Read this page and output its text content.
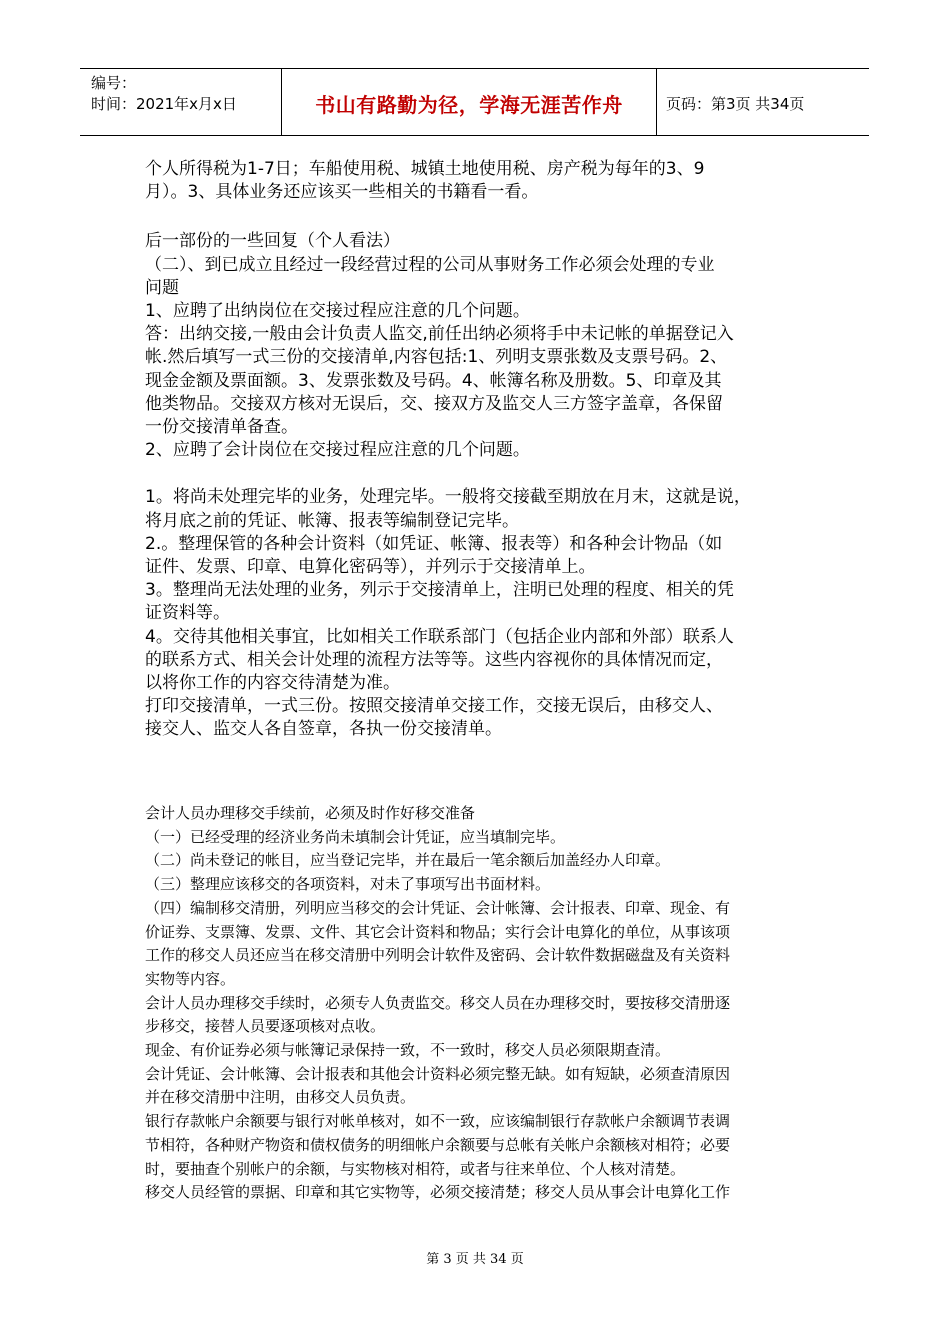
编号：
时间：2021年x月x日	书山有路勤为径，学海无涯苦作舟	页码：第3页 共34页

个人所得税为1-7日；车船使用税、城镇土地使用税、房产税为每年的3、9

月）。3、具体业务还应该买一些相关的书籍看一看。

后一部份的一些回复（个人看法）

（二）、到已成立且经过一段经营过程的公司从事财务工作必须会处理的专业

问题

1、应聘了出纳岗位在交接过程应注意的几个问题。

答：出纳交接,一般由会计负责人监交,前任出纳必须将手中未记帐的单据登记入

帐.然后填写一式三份的交接清单,内容包括:1、列明支票张数及支票号码。2、

现金金额及票面额。3、发票张数及号码。4、帐簿名称及册数。5、印章及其

他类物品。交接双方核对无误后，交、接双方及监交人三方签字盖章，各保留

一份交接清单备查。

2、应聘了会计岗位在交接过程应注意的几个问题。

1。将尚未处理完毕的业务，处理完毕。一般将交接截至期放在月末，这就是说，

将月底之前的凭证、帐簿、报表等编制登记完毕。

2.。整理保管的各种会计资料（如凭证、帐簿、报表等）和各种会计物品（如

证件、发票、印章、电算化密码等），并列示于交接清单上。

3。整理尚无法处理的业务，列示于交接清单上，注明已处理的程度、相关的凭

证资料等。

4。交待其他相关事宜，比如相关工作联系部门（包括企业内部和外部）联系人

的联系方式、相关会计处理的流程方法等等。这些内容视你的具体情况而定，

以将你工作的内容交待清楚为准。

打印交接清单，一式三份。按照交接清单交接工作，交接无误后，由移交人、

接交人、监交人各自签章，各执一份交接清单。

会计人员办理移交手续前，必须及时作好移交准备

（一）已经受理的经济业务尚未填制会计凭证，应当填制完毕。

（二）尚未登记的帐目，应当登记完毕，并在最后一笔余额后加盖经办人印章。

（三）整理应该移交的各项资料，对未了事项写出书面材料。

（四）编制移交清册，列明应当移交的会计凭证、会计帐簿、会计报表、印章、现金、有

价证券、支票簿、发票、文件、其它会计资料和物品；实行会计电算化的单位，从事该项

工作的移交人员还应当在移交清册中列明会计软件及密码、会计软件数据磁盘及有关资料

实物等内容。

会计人员办理移交手续时，必须专人负责监交。移交人员在办理移交时，要按移交清册逐

步移交，接替人员要逐项核对点收。

现金、有价证券必须与帐簿记录保持一致，不一致时，移交人员必须限期查清。

会计凭证、会计帐簿、会计报表和其他会计资料必须完整无缺。如有短缺，必须查清原因

并在移交清册中注明，由移交人员负责。

银行存款帐户余额要与银行对帐单核对，如不一致，应该编制银行存款帐户余额调节表调

节相符，各种财产物资和债权债务的明细帐户余额要与总帐有关帐户余额核对相符；必要

时，要抽查个别帐户的余额，与实物核对相符，或者与往来单位、个人核对清楚。

移交人员经管的票据、印章和其它实物等，必须交接清楚；移交人员从事会计电算化工作

第 3 页 共 34 页
